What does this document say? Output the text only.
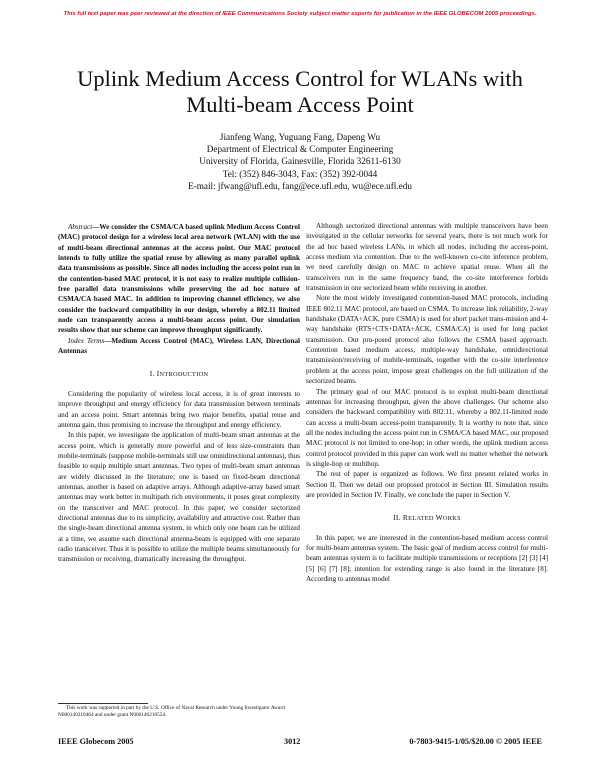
This full text paper was peer reviewed at the direction of IEEE Communications Society subject matter experts for publication in the IEEE GLOBECOM 2005 proceedings.
Uplink Medium Access Control for WLANs with
Multi-beam Access Point
Jianfeng Wang, Yuguang Fang, Dapeng Wu
Department of Electrical & Computer Engineering
University of Florida, Gainesville, Florida 32611-6130
Tel: (352) 846-3043, Fax: (352) 392-0044
E-mail: jfwang@ufl.edu, fang@ece.ufl.edu, wu@ece.ufl.edu

Abstract—We consider the CSMA/CA based uplink Medium Access Control (MAC) protocol design for a wireless local area network (WLAN) with the use of multi-beam directional antennas at the access point. Our MAC protocol intends to fully utilize the spatial reuse by allowing as many parallel uplink data transmissions as possible. Since all nodes including the access point run in the contention-based MAC protocol, it is not easy to realize multiple collision-free parallel data transmissions while preserving the ad hoc nature of CSMA/CA based MAC. In addition to improving channel efficiency, we also consider the backward compatibility in our design, whereby a 802.11 limited node can transparently access a multi-beam access point. Our simulation results show that our scheme can improve throughput significantly.

Index Terms—Medium Access Control (MAC), Wireless LAN, Directional Antennas

I. INTRODUCTION

Considering the popularity of wireless local access, it is of great interests to improve throughput and energy efficiency for data transmission between terminals and an access point. Smart antennas bring two major benefits, spatial reuse and antenna gain, thus promising to increase the throughput and energy efficiency.

In this paper, we investigate the application of multi-beam smart antennas at the access point, which is generally more powerful and of less size-constraints than mobile-terminals (suppose mobile-terminals still use omnidirectional antennas), thus feasible to equip multiple smart antennas. Two types of multi-beam smart antennas are widely discussed in the literature; one is based on fixed-beam directional antennas, another is based on adaptive arrays. Although adaptive-array based smart antennas may work better in multipath rich environments, it poses great complexity on the transceiver and MAC protocol. In this paper, we consider sectorized directional antennas due to its simplicity, availability and attractive cost. Rather than the single-beam directional antenna system, in which only one beam can be utilized at a time, we assume each directional antenna-beam is equipped with one separate radio transceiver. Thus it is possible to utilize the multiple beams simultaneously for transmission or receiving, dramatically increasing the throughput.

This work was supported in part by the U.S. Office of Naval Research under Young Investigator Award N000140210464 and under grant N000140210554.

Although sectorized directional antennas with multiple transceivers have been investigated in the cellular networks for several years, there is not much work for the ad hoc based wireless LANs, in which all nodes, including the access-point, access medium via contention. Due to the well-known co-cite inference problem, we need carefully design on MAC to achieve spatial reuse. When all the transceivers run in the same frequency band, the co-site interference forbids transmission in one sectorized beam while receiving in another.

Note the most widely investigated contention-based MAC protocols, including IEEE 802.11 MAC protocol, are based on CSMA. To increase link reliability, 2-way handshake (DATA+ACK, pure CSMA) is used for short packet trans-mission and 4-way handshake (RTS+CTS+DATA+ACK, CSMA/CA) is used for long packet transmission. Our pro-posed protocol also follows the CSMA based approach. Contention based medium access, multiple-way handshake, omnidirectional transmission/receiving of mobile-terminals, together with the co-site interference problem at the access point, impose great challenges on the full utilization of the sectorized beams.

The primary goal of our MAC protocol is to exploit multi-beam directional antennas for increasing throughput, given the above challenges. Our scheme also considers the backward compatibility with 802.11, whereby a 802.11-limited node can access a multi-beam access-point transparently. It is worthy to note that, since all the nodes including the access point run in CSMA/CA based MAC, our proposed MAC protocol is not limited to one-hop; in other words, the uplink medium access control protocol provided in this paper can work well no matter whether the network is single-hop or multihop.

The rest of paper is organized as follows. We first present related works in Section II. Then we detail our proposed protocol in Section III. Simulation results are provided in Section IV. Finally, we conclude the paper in Section V.

II. RELATED WORKS

In this paper, we are interested in the contention-based medium access control for multi-beam antennas system. The basic goal of medium access control for multi-beam antennas system is to facilitate multiple transmissions or receptions [2] [3] [4] [5] [6] [7] [8]; intention for extending range is also found in the literature [8]. According to antennas model

IEEE Globecom 2005	3012	0-7803-9415-1/05/$20.00 © 2005 IEEE
